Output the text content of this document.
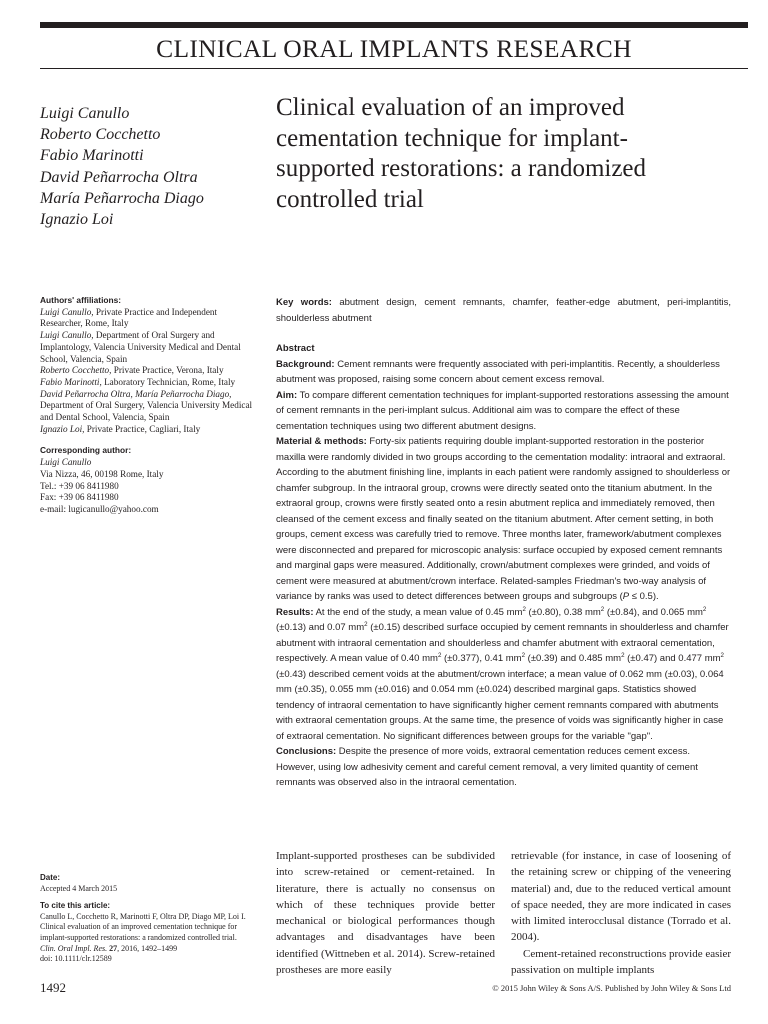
CLINICAL ORAL IMPLANTS RESEARCH
Luigi Canullo
Roberto Cocchetto
Fabio Marinotti
David Peñarrocha Oltra
María Peñarrocha Diago
Ignazio Loi
Clinical evaluation of an improved cementation technique for implant-supported restorations: a randomized controlled trial
Authors' affiliations:
Luigi Canullo, Private Practice and Independent Researcher, Rome, Italy
Luigi Canullo, Department of Oral Surgery and Implantology, Valencia University Medical and Dental School, Valencia, Spain
Roberto Cocchetto, Private Practice, Verona, Italy
Fabio Marinotti, Laboratory Technician, Rome, Italy
David Peñarrocha Oltra, María Peñarrocha Diago, Department of Oral Surgery, Valencia University Medical and Dental School, Valencia, Spain
Ignazio Loi, Private Practice, Cagliari, Italy
Corresponding author:
Luigi Canullo
Via Nizza, 46, 00198 Rome, Italy
Tel.: +39 06 8411980
Fax: +39 06 8411980
e-mail: lugicanullo@yahoo.com
Key words: abutment design, cement remnants, chamfer, feather-edge abutment, peri-implantitis, shoulderless abutment

Abstract

Background: Cement remnants were frequently associated with peri-implantitis. Recently, a shoulderless abutment was proposed, raising some concern about cement excess removal.

Aim: To compare different cementation techniques for implant-supported restorations assessing the amount of cement remnants in the peri-implant sulcus. Additional aim was to compare the effect of these cementation techniques using two different abutment designs.

Material & methods: Forty-six patients requiring double implant-supported restoration in the posterior maxilla were randomly divided in two groups according to the cementation modality: intraoral and extraoral. According to the abutment finishing line, implants in each patient were randomly assigned to shoulderless or chamfer subgroup. In the intraoral group, crowns were directly seated onto the titanium abutment. In the extraoral group, crowns were firstly seated onto a resin abutment replica and immediately removed, then cleansed of the cement excess and finally seated on the titanium abutment. After cement setting, in both groups, cement excess was carefully tried to remove. Three months later, framework/abutment complexes were disconnected and prepared for microscopic analysis: surface occupied by exposed cement remnants and marginal gaps were measured. Additionally, crown/abutment complexes were grinded, and voids of cement were measured at abutment/crown interface. Related-samples Friedman's two-way analysis of variance by ranks was used to detect differences between groups and subgroups (P ≤ 0.5).

Results: At the end of the study, a mean value of 0.45 $mm^2$ (±0.80), 0.38 $mm^2$ (±0.84), and 0.065 $mm^2$ (±0.13) and 0.07 $mm^2$ (±0.15) described surface occupied by cement remnants in shoulderless and chamfer abutment with intraoral cementation and shoulderless and chamfer abutment with extraoral cementation, respectively. A mean value of 0.40 $mm^2$ (±0.377), 0.41 $mm^2$ (±0.39) and 0.485 $mm^2$ (±0.47) and 0.477 $mm^2$ (±0.43) described cement voids at the abutment/crown interface; a mean value of 0.062 mm (±0.03), 0.064 mm (±0.35), 0.055 mm (±0.016) and 0.054 mm (±0.024) described marginal gaps. Statistics showed tendency of intraoral cementation to have significantly higher cement remnants compared with abutments with extraoral cementation groups. At the same time, the presence of voids was significantly higher in case of extraoral cementation. No significant differences between groups for the variable "gap".

Conclusions: Despite the presence of more voids, extraoral cementation reduces cement excess. However, using low adhesivity cement and careful cement removal, a very limited quantity of cement remnants was observed also in the intraoral cementation.

Date:
Accepted 4 March 2015
To cite this article:
Canullo L, Cocchetto R, Marinotti F, Oltra DP, Diago MP, Loi I. Clinical evaluation of an improved cementation technique for implant-supported restorations: a randomized controlled trial.
Clin. Oral Impl. Res. 27, 2016, 1492–1499
doi: 10.1111/clr.12589
Implant-supported prostheses can be subdivided into screw-retained or cement-retained. In literature, there is actually no consensus on which of these techniques provide better mechanical or biological performances though advantages and disadvantages have been identified (Wittneben et al. 2014). Screw-retained prostheses are more easily

retrievable (for instance, in case of loosening of the retaining screw or chipping of the veneering material) and, due to the reduced vertical amount of space needed, they are more indicated in cases with limited interocclusal distance (Torrado et al. 2004).

Cement-retained reconstructions provide easier passivation on multiple implants

1492	© 2015 John Wiley & Sons A/S. Published by John Wiley & Sons Ltd
